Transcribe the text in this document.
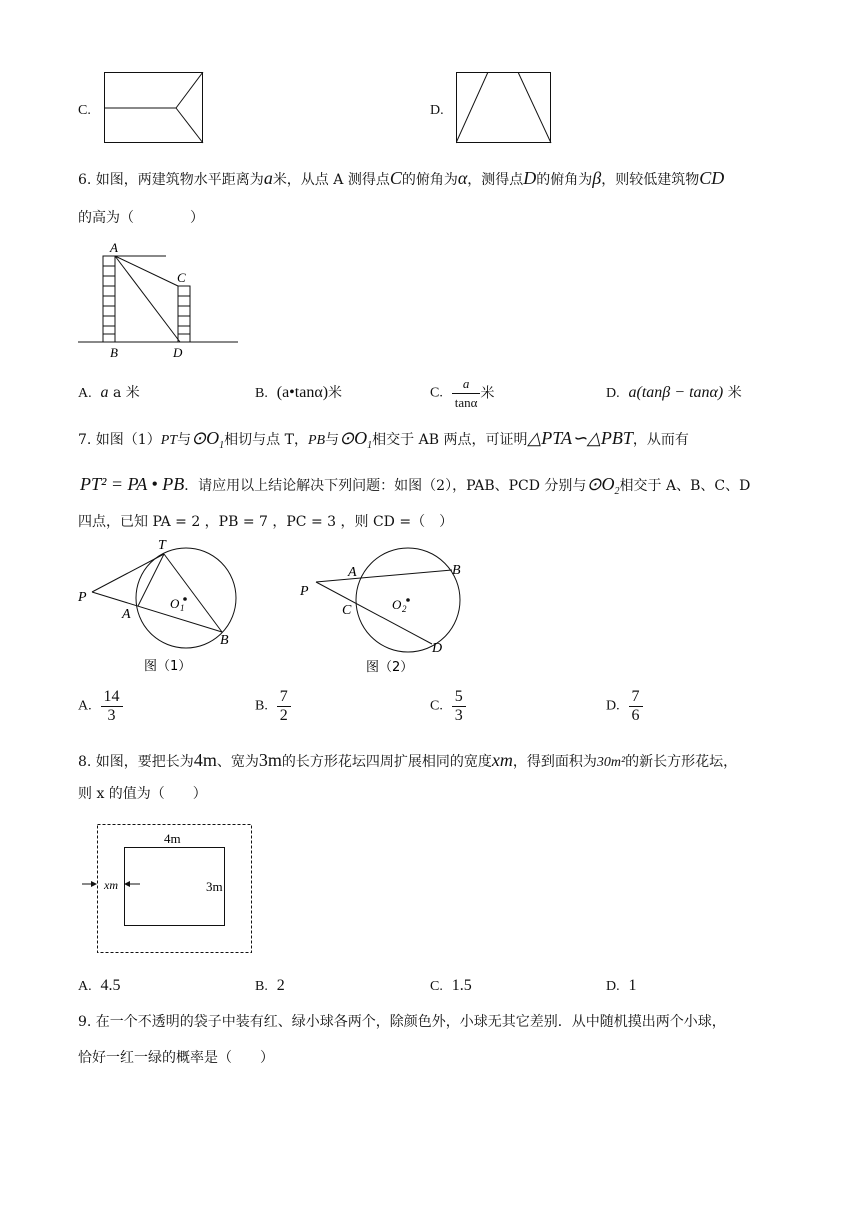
C.	D.
6. 如图，两建筑物水平距离为a米，从点 A 测得点C的俯角为α，测得点D的俯角为β，则较低建筑物CD
的高为（　　　　）
A
C
B	D
A. a a 米	B. (a•tanα)米	C. $\frac{a}{\tan\alpha}$ 米	D. a(tanβ − tanα) 米
7. 如图（1）PT与$⊙O_1$相切与点 T，PB与$⊙O_1$相交于 AB 两点，可证明△PTA∽△PBT，从而有
PT² = PA • PB．请应用以上结论解决下列问题：如图（2），PAB、PCD 分别与$⊙O_2$相交于 A、B、C、D
四点，已知 PA = 2 ，PB = 7 ，PC = 3 ，则 CD =（　）
P
T
A
B
O 1
图（1）
P
A	B
C
D
O 2
图（2）
A. $\frac{14}{3}$	B. $\frac{7}{2}$	C. $\frac{5}{3}$	D. $\frac{7}{6}$
8. 如图，要把长为4m、宽为3m的长方形花坛四周扩展相同的宽度xm，得到面积为30m²的新长方形花坛，
则 x 的值为（　　）
4m
3m
xm
A. 4.5	B. 2	C. 1.5	D. 1
9. 在一个不透明的袋子中装有红、绿小球各两个，除颜色外，小球无其它差别．从中随机摸出两个小球，
恰好一红一绿的概率是（　　）
